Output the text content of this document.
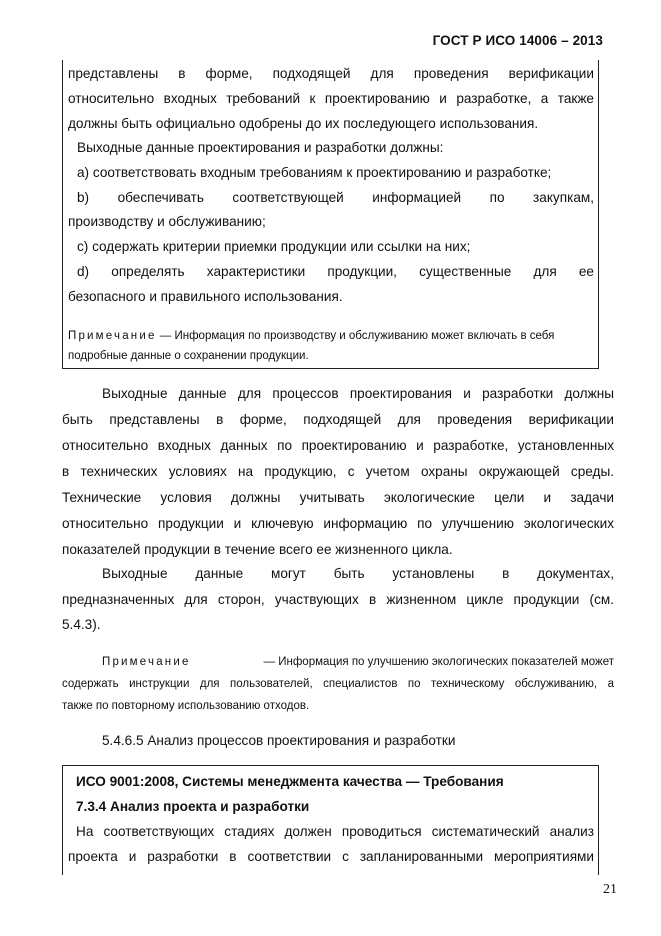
ГОСТ Р ИСО 14006 – 2013
представлены в форме, подходящей для проведения верификации
относительно входных требований к проектированию и разработке, а также
должны быть официально одобрены до их последующего использования.
Выходные данные проектирования и разработки должны:
a) соответствовать входным требованиям к проектированию и разработке;
b) обеспечивать соответствующей информацией по закупкам,
производству и обслуживанию;
c) содержать критерии приемки продукции или ссылки на них;
d) определять характеристики продукции, существенные для ее
безопасного и правильного использования.
Примечание — Информация по производству и обслуживанию может включать в себя
подробные данные о сохранении продукции.
Выходные данные для процессов проектирования и разработки должны
быть представлены в форме, подходящей для проведения верификации
относительно входных данных по проектированию и разработке, установленных
в технических условиях на продукцию, с учетом охраны окружающей среды.
Технические условия должны учитывать экологические цели и задачи
относительно продукции и ключевую информацию по улучшению экологических
показателей продукции в течение всего ее жизненного цикла.
Выходные данные могут быть установлены в документах,
предназначенных для сторон, участвующих в жизненном цикле продукции (см.
5.4.3).
Примечание	— Информация по улучшению экологических показателей может
содержать инструкции для пользователей, специалистов по техническому обслуживанию, а
также по повторному использованию отходов.
5.4.6.5 Анализ процессов проектирования и разработки
ИСО 9001:2008, Системы менеджмента качества — Требования
7.3.4 Анализ проекта и разработки
На соответствующих стадиях должен проводиться систематический анализ
проекта и разработки в соответствии с запланированными мероприятиями
21
